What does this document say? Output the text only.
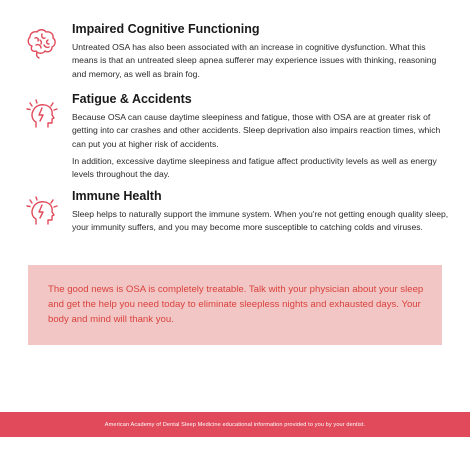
Impaired Cognitive Functioning

Untreated OSA has also been associated with an increase in cognitive dysfunction. What this means is that an untreated sleep apnea sufferer may experience issues with thinking, reasoning and memory, as well as brain fog.

Fatigue & Accidents

Because OSA can cause daytime sleepiness and fatigue, those with OSA are at greater risk of getting into car crashes and other accidents. Sleep deprivation also impairs reaction times, which can put you at higher risk of accidents.

In addition, excessive daytime sleepiness and fatigue affect productivity levels as well as energy levels throughout the day.

Immune Health

Sleep helps to naturally support the immune system. When you're not getting enough quality sleep, your immunity suffers, and you may become more susceptible to catching colds and viruses.

The good news is OSA is completely treatable. Talk with your physician about your sleep and get the help you need today to eliminate sleepless nights and exhausted days. Your body and mind will thank you.

American Academy of Dental Sleep Medicine educational information provided to you by your dentist.
